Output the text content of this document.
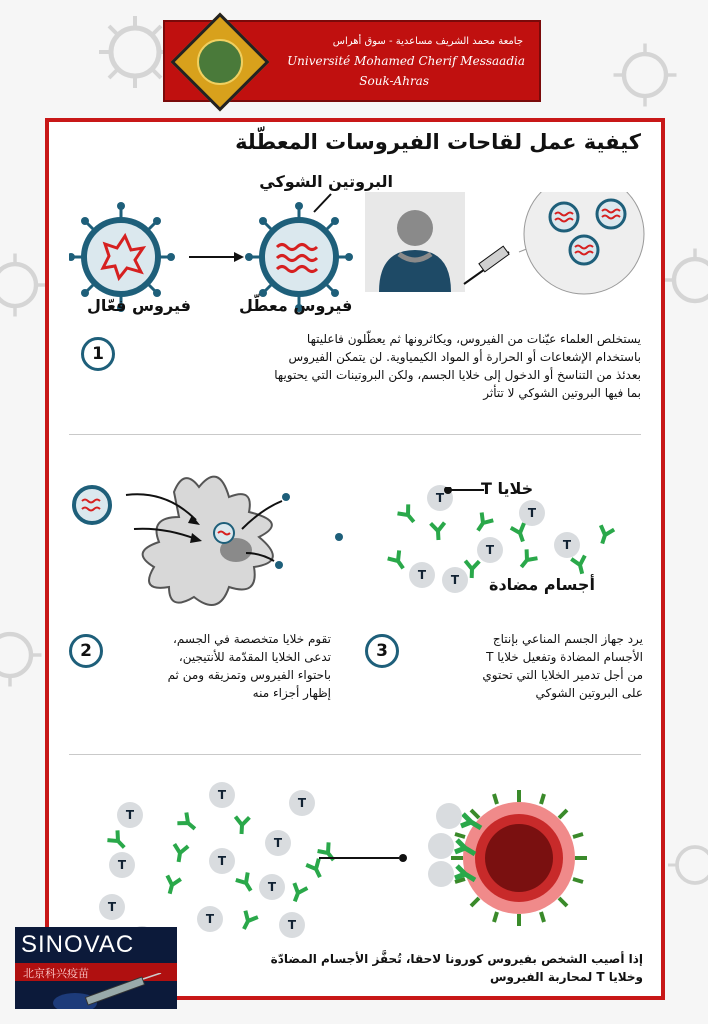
جامعة محمد الشريف مساعدية - سوق أهراس
Université Mohamed Cherif Messaadia
Souk-Ahras
كيفية عمل لقاحات الفيروسات المعطّلة
البروتين الشوكي
فيروس فعّال	فيروس معطّل
1
يستخلص العلماء عيّنات من الفيروس، ويكاثرونها ثم يعطّلون فاعليتها
باستخدام الإشعاعات أو الحرارة أو المواد الكيمياوية. لن يتمكن الفيروس
بعدئذ من التناسخ أو الدخول إلى خلايا الجسم، ولكن البروتينات التي يحتويها
بما فيها البروتين الشوكي لا تتأثر
T
T
T	T
T	T
خلايا T
أجسام مضادة
2
تقوم خلايا متخصصة في الجسم،
تدعى الخلايا المقدّمة للأنتيجين،
باحتواء الفيروس وتمزيقه ومن ثم
إظهار أجزاء منه
3
يرد جهاز الجسم المناعي بإنتاج
الأجسام المضادة وتفعيل خلايا T
من أجل تدمير الخلايا التي تحتوي
على البروتين الشوكي
T
T
T
T
T	T
T
T	T
T
إذا أصيب الشخص بفيروس كورونا لاحقا، تُحفَّز الأجسام المضادّة
وخلايا T لمحاربة الفيروس
SINOVAC
北京科兴疫苗
